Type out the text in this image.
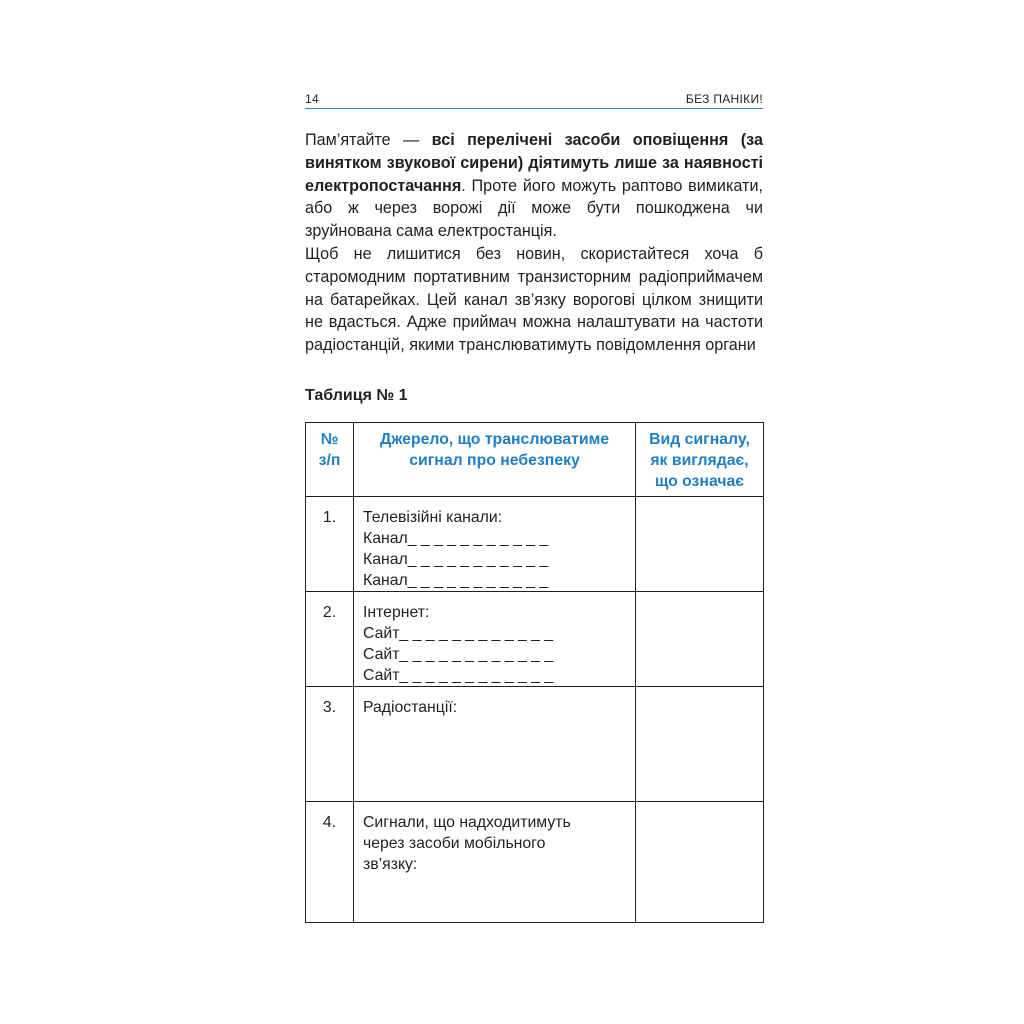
14	БЕЗ ПАНІКИ!

Пам’ятайте — всі перелічені засоби оповіщення (за винятком звукової сирени) діятимуть лише за наявності електропостачання. Проте його можуть раптово вимикати, або ж через ворожі дії може бути пошкоджена чи зруйнована сама електростанція.

Щоб не лишитися без новин, скористайтеся хоча б старомодним портативним транзисторним радіоприймачем на батарейках. Цей канал зв’язку ворогові цілком знищити не вдасться. Адже приймач можна налаштувати на частоти радіостанцій, якими транслюватимуть повідомлення органи

Таблиця № 1
№ з/п	Джерело, що транслюватиме сигнал про небезпеку	Вид сигналу, як виглядає, що означає
1.	Телевізійні канали:
Канал_ _ _ _ _ _ _ _ _ _ _
Канал_ _ _ _ _ _ _ _ _ _ _
Канал_ _ _ _ _ _ _ _ _ _ _	

2.	Інтернет:
Сайт_ _ _ _ _ _ _ _ _ _ _ _
Сайт_ _ _ _ _ _ _ _ _ _ _ _
Сайт_ _ _ _ _ _ _ _ _ _ _ _	

3.	Радіостанції:	

4.	Сигнали, що надходитимуть через засоби мобільного зв’язку:	
